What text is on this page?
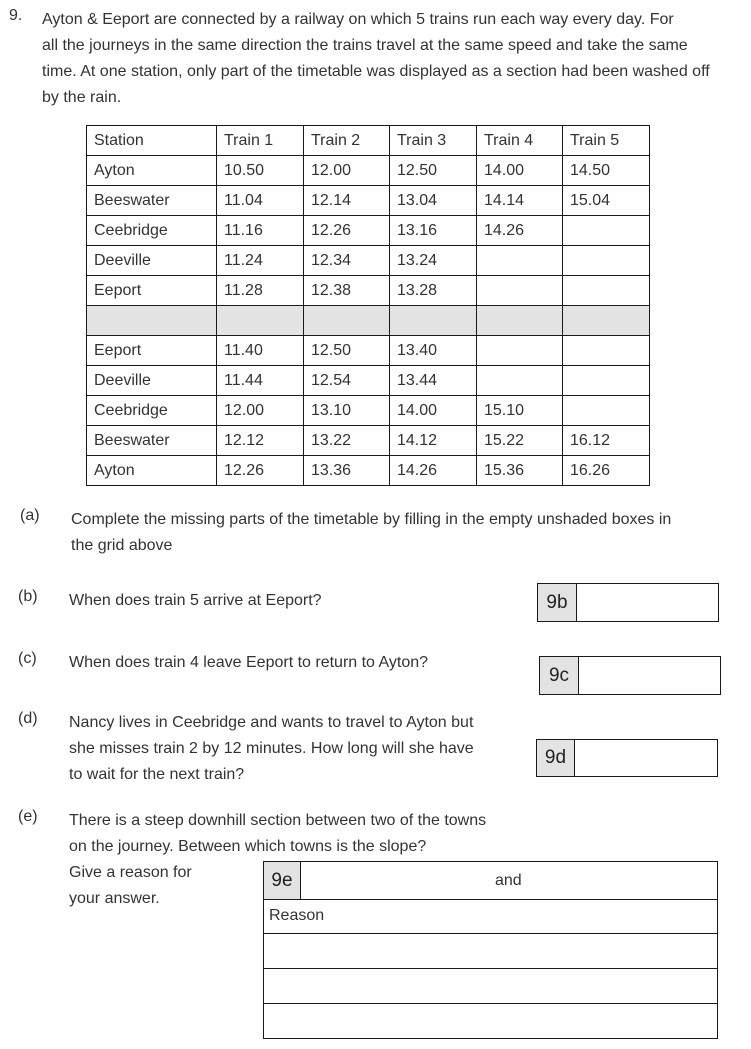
9. Ayton & Eeport are connected by a railway on which 5 trains run each way every day. For
all the journeys in the same direction the trains travel at the same speed and take the same
time. At one station, only part of the timetable was displayed as a section had been washed off
by the rain.
Station	Train 1	Train 2	Train 3	Train 4	Train 5
Ayton	10.50	12.00	12.50	14.00	14.50
Beeswater	11.04	12.14	13.04	14.14	15.04
Ceebridge	11.16	12.26	13.16	14.26	
Deeville	11.24	12.34	13.24		
Eeport	11.28	12.38	13.28		

Eeport	11.40	12.50	13.40		
Deeville	11.44	12.54	13.44		
Ceebridge	12.00	13.10	14.00	15.10	
Beeswater	12.12	13.22	14.12	15.22	16.12
Ayton	12.26	13.36	14.26	15.36	16.26
(a) Complete the missing parts of the timetable by filling in the empty unshaded boxes in
the grid above
(b) When does train 5 arrive at Eeport?	9b
(c) When does train 4 leave Eeport to return to Ayton?
9c
(d) Nancy lives in Ceebridge and wants to travel to Ayton but
she misses train 2 by 12 minutes. How long will she have
to wait for the next train?
9d
(e) There is a steep downhill section between two of the towns
on the journey. Between which towns is the slope?
Give a reason for
your answer.
9e	and
Reason
